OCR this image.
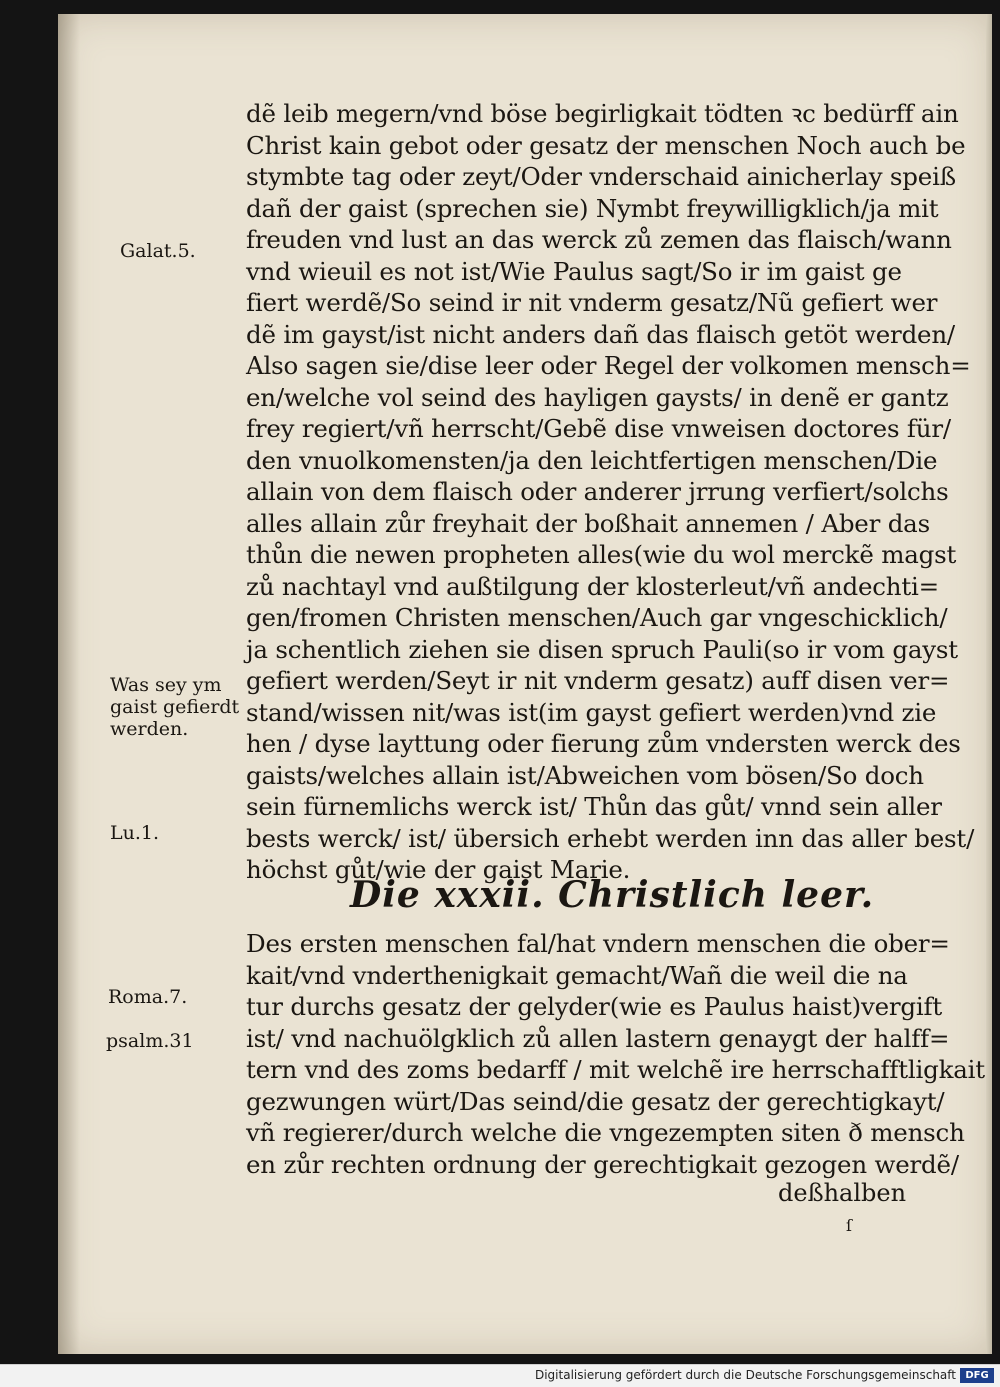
Galat.5.
Was sey ym
gaist gefierdt
werden.
Lu.1.
Roma.7.
psalm.31
dẽ leib megern/vnd böse begirligkait tödten ꝛc bedürff ain
Christ kain gebot oder gesatz der menschen Noch auch be
stymbte tag oder zeyt/Oder vnderschaid ainicherlay speiß
dañ der gaist (sprechen sie) Nymbt freywilligklich/ja mit
freuden vnd lust an das werck zů zemen das flaisch/wann
vnd wieuil es not ist/Wie Paulus sagt/So ir im gaist ge
fiert werdẽ/So seind ir nit vnderm gesatz/Nũ gefiert wer
dẽ im gayst/ist nicht anders dañ das flaisch getöt werden/
Also sagen sie/dise leer oder Regel der volkomen mensch=
en/welche vol seind des hayligen gaysts/ in denẽ er gantz
frey regiert/vñ herrscht/Gebẽ dise vnweisen doctores für/
den vnuolkomensten/ja den leichtfertigen menschen/Die
allain von dem flaisch oder anderer jrrung verfiert/solchs
alles allain zůr freyhait der boßhait annemen / Aber das
thůn die newen propheten alles(wie du wol merckẽ magst
zů nachtayl vnd außtilgung der klosterleut/vñ andechti=
gen/fromen Christen menschen/Auch gar vngeschicklich/
ja schentlich ziehen sie disen spruch Pauli(so ir vom gayst
gefiert werden/Seyt ir nit vnderm gesatz) auff disen ver=
stand/wissen nit/was ist(im gayst gefiert werden)vnd zie
hen / dyse layttung oder fierung zům vndersten werck des
gaists/welches allain ist/Abweichen vom bösen/So doch
sein fürnemlichs werck ist/ Thůn das gůt/ vnnd sein aller
bests werck/ ist/ übersich erhebt werden inn das aller best/
höchst gůt/wie der gaist Marie.
Die xxxii. Christlich leer.
Des ersten menschen fal/hat vndern menschen die ober=
kait/vnd vnderthenigkait gemacht/Wañ die weil die na
tur durchs gesatz der gelyder(wie es Paulus haist)vergift
ist/ vnd nachuölgklich zů allen lastern genaygt der halff=
tern vnd des zoms bedarff / mit welchẽ ire herrschafftligkait
gezwungen würt/Das seind/die gesatz der gerechtigkayt/
vñ regierer/durch welche die vngezempten siten ð mensch
en zůr rechten ordnung der gerechtigkait gezogen werdẽ/
deßhalben
ſ
Digitalisierung gefördert durch die Deutsche Forschungsgemeinschaft DFG
